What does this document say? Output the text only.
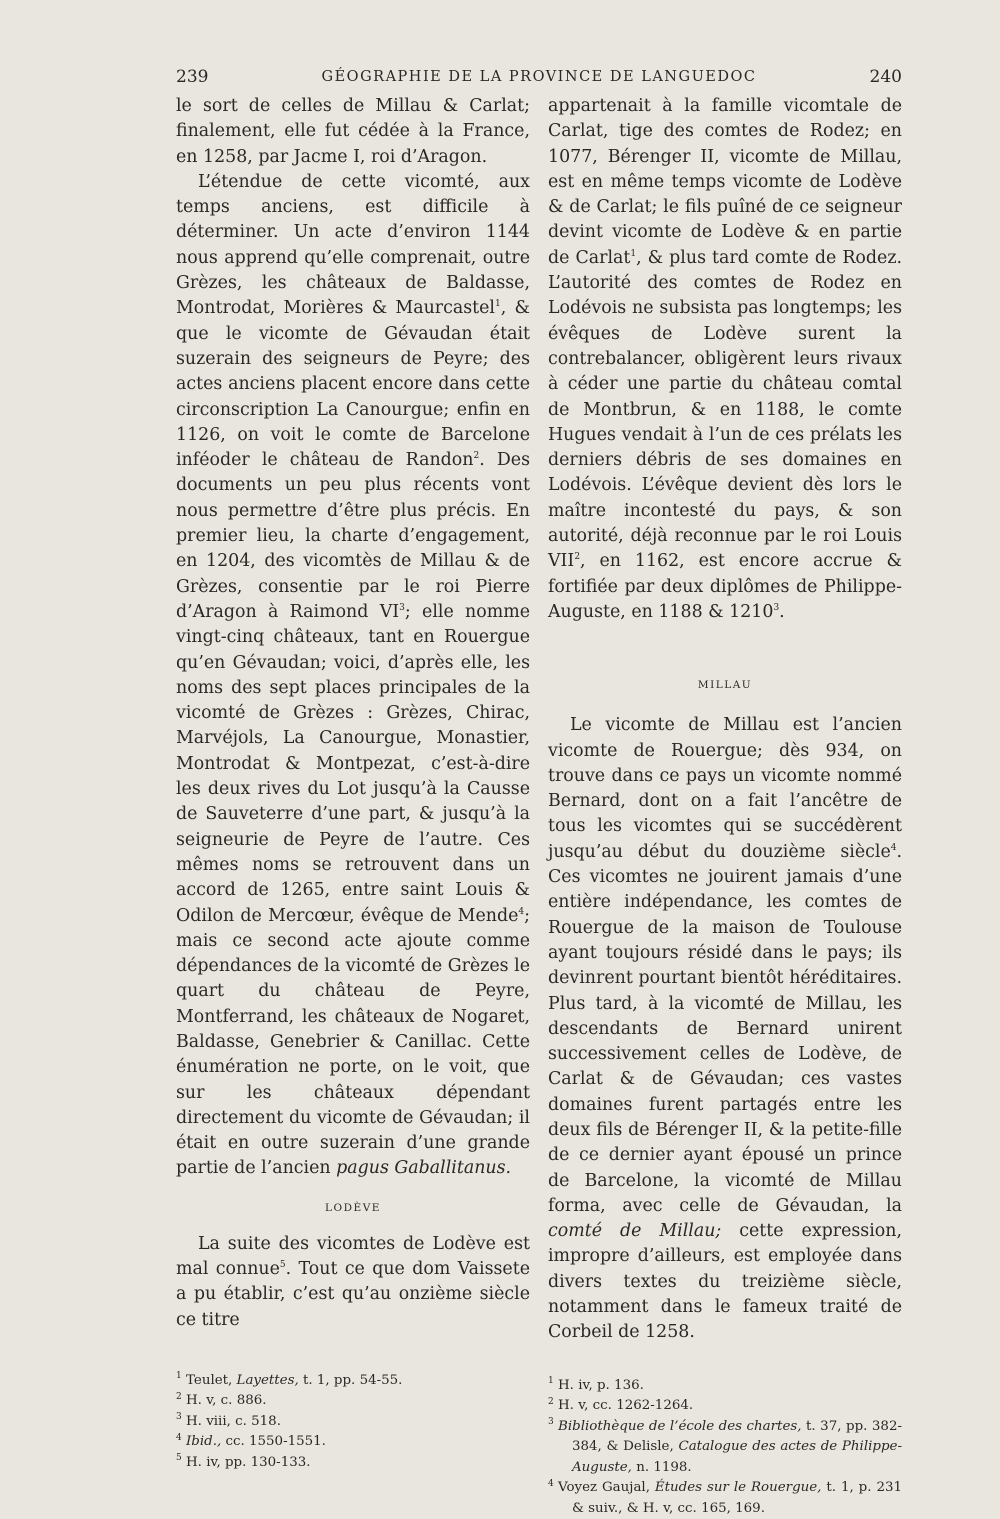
239	GÉOGRAPHIE DE LA PROVINCE DE LANGUEDOC	240

le sort de celles de Millau & Carlat; finalement, elle fut cédée à la France, en 1258, par Jacme I, roi d’Aragon.

L’étendue de cette vicomté, aux temps anciens, est difficile à déterminer. Un acte d’environ 1144 nous apprend qu’elle comprenait, outre Grèzes, les châteaux de Baldasse, Montrodat, Morières & Maurcastel$^1$, & que le vicomte de Gévaudan était suzerain des seigneurs de Peyre; des actes anciens placent encore dans cette circonscription La Canourgue; enfin en 1126, on voit le comte de Barcelone inféoder le château de Randon$^2$. Des documents un peu plus récents vont nous permettre d’être plus précis. En premier lieu, la charte d’engagement, en 1204, des vicomtès de Millau & de Grèzes, consentie par le roi Pierre d’Aragon à Raimond $VI^3$; elle nomme vingt-cinq châteaux, tant en Rouergue qu’en Gévaudan; voici, d’après elle, les noms des sept places principales de la vicomté de Grèzes : Grèzes, Chirac, Marvéjols, La Canourgue, Monastier, Montrodat & Montpezat, c’est-à-dire les deux rives du Lot jusqu’à la Causse de Sauveterre d’une part, & jusqu’à la seigneurie de Peyre de l’autre. Ces mêmes noms se retrouvent dans un accord de 1265, entre saint Louis & Odilon de Mercœur, évêque de Mende$^4$; mais ce second acte ajoute comme dépendances de la vicomté de Grèzes le quart du château de Peyre, Montferrand, les châteaux de Nogaret, Baldasse, Genebrier & Canillac. Cette énumération ne porte, on le voit, que sur les châteaux dépendant directement du vicomte de Gévaudan; il était en outre suzerain d’une grande partie de l’ancien pagus Gaballitanus.

LODÈVE

La suite des vicomtes de Lodève est mal connue$^5$. Tout ce que dom Vaissete a pu établir, c’est qu’au onzième siècle ce titre

$^1$ Teulet, Layettes, t. 1, pp. 54-55.

$^2$ H. v, c. 886.

$^3$ H. viii, c. 518.

$^4$ Ibid., cc. 1550-1551.

$^5$ H. iv, pp. 130-133.

appartenait à la famille vicomtale de Carlat, tige des comtes de Rodez; en 1077, Bérenger II, vicomte de Millau, est en même temps vicomte de Lodève & de Carlat; le fils puîné de ce seigneur devint vicomte de Lodève & en partie de Carlat$^1$, & plus tard comte de Rodez. L’autorité des comtes de Rodez en Lodévois ne subsista pas longtemps; les évêques de Lodève surent la contrebalancer, obligèrent leurs rivaux à céder une partie du château comtal de Montbrun, & en 1188, le comte Hugues vendait à l’un de ces prélats les derniers débris de ses domaines en Lodévois. L’évêque devient dès lors le maître incontesté du pays, & son autorité, déjà reconnue par le roi Louis VII$^2$, en 1162, est encore accrue & fortifiée par deux diplômes de Philippe-Auguste, en 1188 & 1210$^3$.

MILLAU

Le vicomte de Millau est l’ancien vicomte de Rouergue; dès 934, on trouve dans ce pays un vicomte nommé Bernard, dont on a fait l’ancêtre de tous les vicomtes qui se succédèrent jusqu’au début du douzième siècle$^4$. Ces vicomtes ne jouirent jamais d’une entière indépendance, les comtes de Rouergue de la maison de Toulouse ayant toujours résidé dans le pays; ils devinrent pourtant bientôt héréditaires. Plus tard, à la vicomté de Millau, les descendants de Bernard unirent successivement celles de Lodève, de Carlat & de Gévaudan; ces vastes domaines furent partagés entre les deux fils de Bérenger II, & la petite-fille de ce dernier ayant épousé un prince de Barcelone, la vicomté de Millau forma, avec celle de Gévaudan, la comté de Millau; cette expression, impropre d’ailleurs, est employée dans divers textes du treizième siècle, notamment dans le fameux traité de Corbeil de 1258.

$^1$ H. iv, p. 136.

$^2$ H. v, cc. 1262-1264.

$^3$ Bibliothèque de l’école des chartes, t. 37, pp. 382-384, & Delisle, Catalogue des actes de Philippe-Auguste, n. 1198.

$^4$ Voyez Gaujal, Études sur le Rouergue, t. 1, p. 231 & suiv., & H. v, cc. 165, 169.
